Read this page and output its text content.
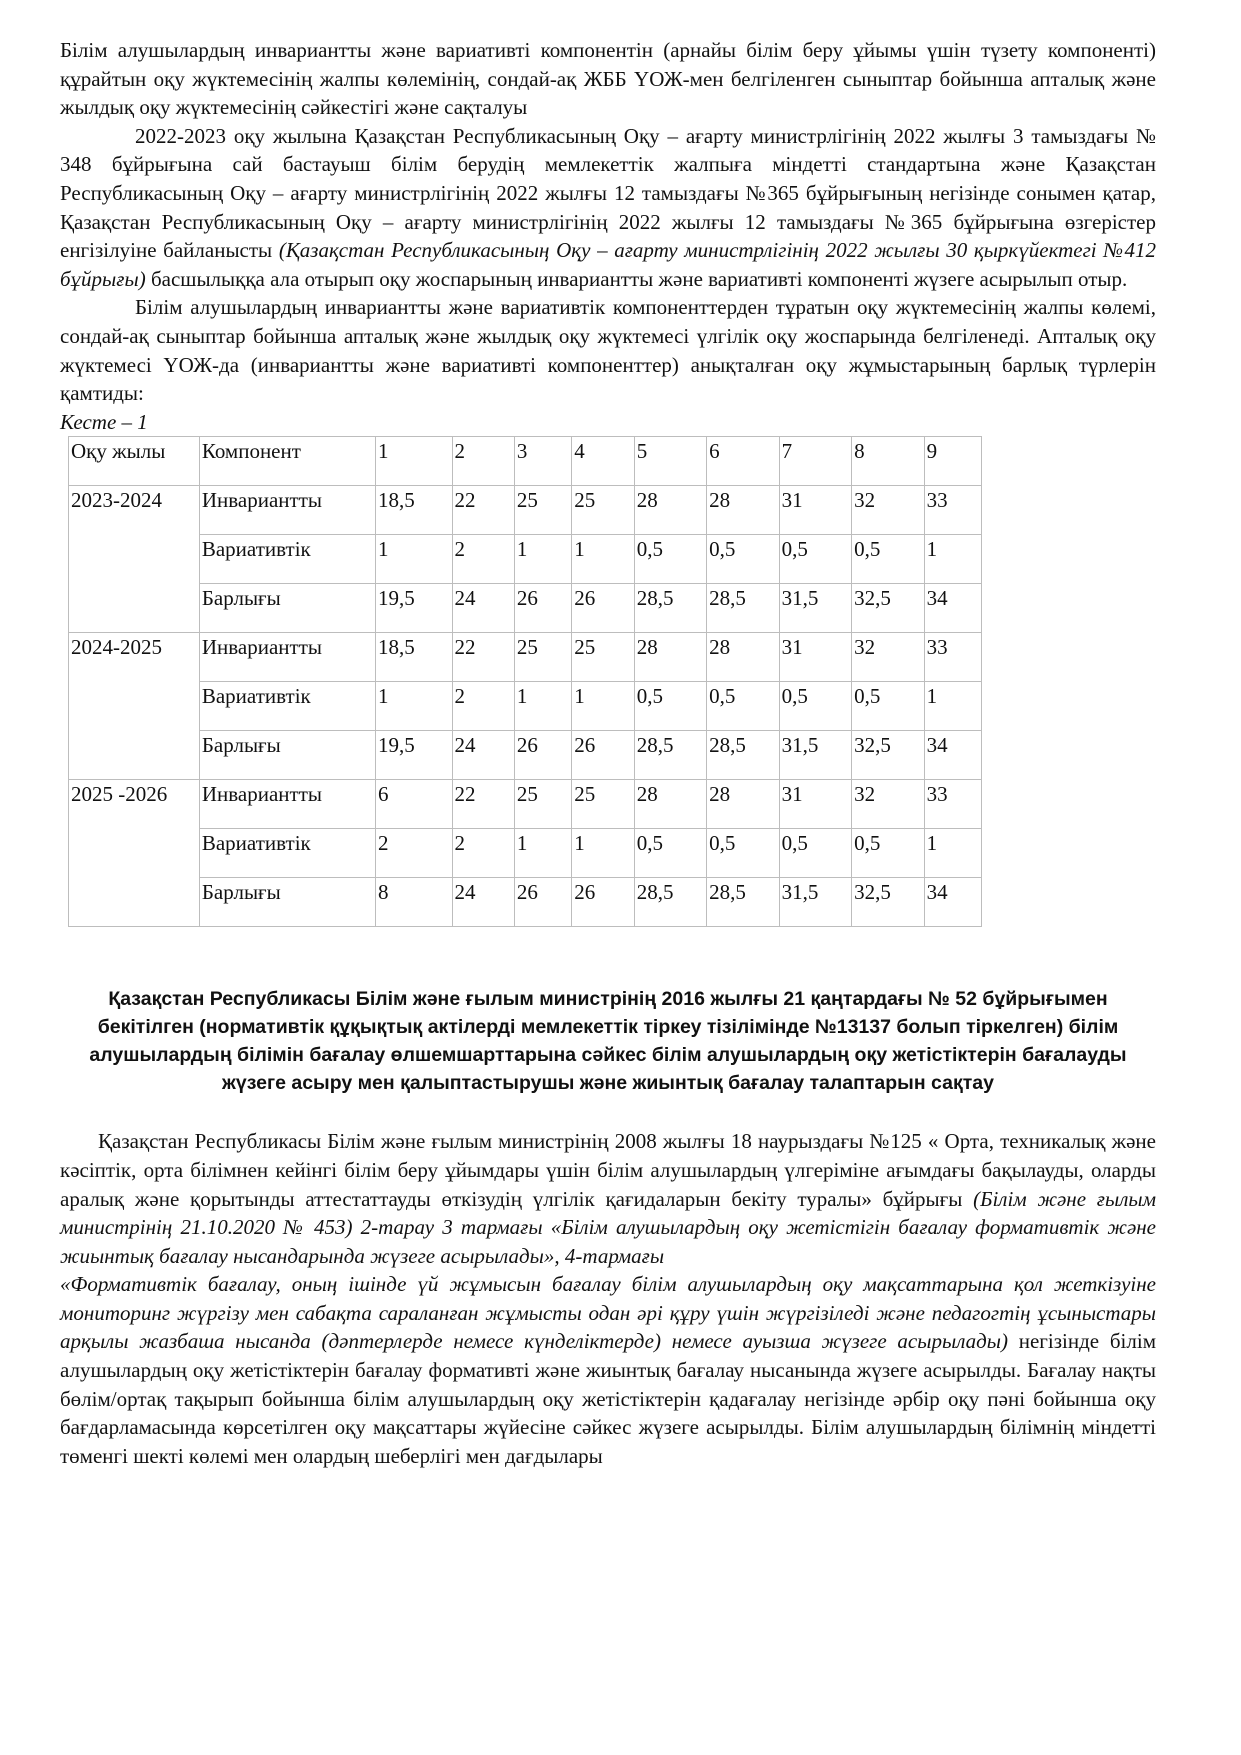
Білім алушылардың инвариантты және вариативті компонентін (арнайы білім беру ұйымы үшін түзету компоненті) құрайтын оқу жүктемесінің жалпы көлемінің, сондай-ақ ЖББ ҮОЖ-мен белгіленген сыныптар бойынша апталық және жылдық оқу жүктемесінің сәйкестігі және сақталуы

2022-2023 оқу жылына Қазақстан Республикасының Оқу – ағарту министрлігінің 2022 жылғы 3 тамыздағы № 348 бұйрығына сай бастауыш білім берудің мемлекеттік жалпыға міндетті стандартына және Қазақстан Республикасының Оқу – ағарту министрлігінің 2022 жылғы 12 тамыздағы №365 бұйрығының негізінде сонымен қатар, Қазақстан Республикасының Оқу – ағарту министрлігінің 2022 жылғы 12 тамыздағы №365 бұйрығына өзгерістер енгізілуіне байланысты (Қазақстан Республикасының Оқу – ағарту министрлігінің 2022 жылғы 30 қыркүйектегі №412 бұйрығы) басшылыққа ала отырып оқу жоспарының инвариантты және вариативті компоненті жүзеге асырылып отыр.

Білім алушылардың инвариантты және вариативтік компоненттерден тұратын оқу жүктемесінің жалпы көлемі, сондай-ақ сыныптар бойынша апталық және жылдық оқу жүктемесі үлгілік оқу жоспарында белгіленеді. Апталық оқу жүктемесі ҮОЖ-да (инвариантты және вариативті компоненттер) анықталған оқу жұмыстарының барлық түрлерін қамтиды:

Кесте – 1

Оқу жылы	Компонент	1	2	3	4	5	6	7	8	9
2023-2024	Инвариантты	18,5	22	25	25	28	28	31	32	33
	Вариативтік	1	2	1	1	0,5	0,5	0,5	0,5	1
	Барлығы	19,5	24	26	26	28,5	28,5	31,5	32,5	34
2024-2025	Инвариантты	18,5	22	25	25	28	28	31	32	33
	Вариативтік	1	2	1	1	0,5	0,5	0,5	0,5	1
	Барлығы	19,5	24	26	26	28,5	28,5	31,5	32,5	34
2025 -2026	Инвариантты	6	22	25	25	28	28	31	32	33
	Вариативтік	2	2	1	1	0,5	0,5	0,5	0,5	1
	Барлығы	8	24	26	26	28,5	28,5	31,5	32,5	34
Қазақстан Республикасы Білім және ғылым министрінің 2016 жылғы 21 қаңтардағы № 52 бұйрығымен бекітілген (нормативтік құқықтық актілерді мемлекеттік тіркеу тізілімінде №13137 болып тіркелген) білім алушылардың білімін бағалау өлшемшарттарына сәйкес білім алушылардың оқу жетістіктерін бағалауды жүзеге асыру мен қалыптастырушы және жиынтық бағалау талаптарын сақтау

Қазақстан Республикасы Білім және ғылым министрінің 2008 жылғы 18 наурыздағы №125 « Орта, техникалық және кәсіптік, орта білімнен кейінгі білім беру ұйымдары үшін білім алушылардың үлгеріміне ағымдағы бақылауды, оларды аралық және қорытынды аттестаттауды өткізудің үлгілік қағидаларын бекіту туралы» бұйрығы (Білім және ғылым министрінің 21.10.2020 № 453) 2-тарау 3 тармағы «Білім алушылардың оқу жетістігін бағалау формативтік және жиынтық бағалау нысандарында жүзеге асырылады», 4-тармағы

«Формативтік бағалау, оның ішінде үй жұмысын бағалау білім алушылардың оқу мақсаттарына қол жеткізуіне мониторинг жүргізу мен сабақта сараланған жұмысты одан әрі құру үшін жүргізіледі және педагогтің ұсыныстары арқылы жазбаша нысанда (дәптерлерде немесе күнделіктерде) немесе ауызша жүзеге асырылады) негізінде білім алушылардың оқу жетістіктерін бағалау формативті және жиынтық бағалау нысанында жүзеге асырылды. Бағалау нақты бөлім/ортақ тақырып бойынша білім алушылардың оқу жетістіктерін қадағалау негізінде әрбір оқу пәні бойынша оқу бағдарламасында көрсетілген оқу мақсаттары жүйесіне сәйкес жүзеге асырылды. Білім алушылардың білімнің міндетті төменгі шекті көлемі мен олардың шеберлігі мен дағдылары
